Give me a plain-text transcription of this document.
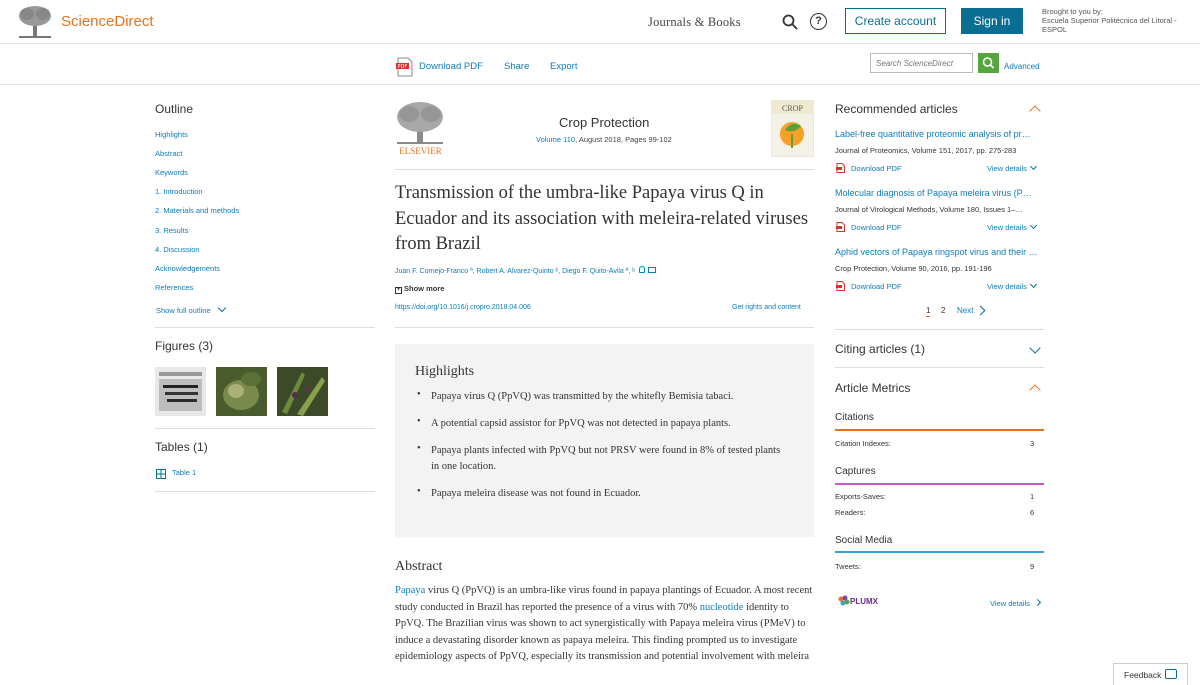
ScienceDirect	Journals & Books	?	Create account	Sign in
Brought to you by:
Escuela Superior Politécnica del Litoral - ESPOL
PDF Download PDF Share Export
Search ScienceDirect	Advanced
Outline
Highlights
Abstract
Keywords
1. Introduction
2. Materials and methods
3. Results
4. Discussion
Acknowledgements
References
Show full outline
Figures (3)
Tables (1)
Table 1
ELSEVIER
Crop Protection
Volume 110, August 2018, Pages 99-102
CROP
Transmission of the umbra-like Papaya virus Q in Ecuador and its association with meleira-related viruses from Brazil
Juan F. Cornejo-Franco ª, Robert A. Alvarez-Quinto ᵇ, Diego F. Quito-Avila ª, ᵇ
+ Show more
https://doi.org/10.1016/j.cropro.2018.04.006	Get rights and content
Highlights
• Papaya virus Q (PpVQ) was transmitted by the whitefly Bemisia tabaci.
• A potential capsid assistor for PpVQ was not detected in papaya plants.
• Papaya plants infected with PpVQ but not PRSV were found in 8% of tested plants in one location.
• Papaya meleira disease was not found in Ecuador.
Abstract
Papaya virus Q (PpVQ) is an umbra-like virus found in papaya plantings of Ecuador. A most recent study conducted in Brazil has reported the presence of a virus with 70% nucleotide identity to PpVQ. The Brazilian virus was shown to act synergistically with Papaya meleira virus (PMeV) to induce a devastating disorder known as papaya meleira. This finding prompted us to investigate epidemiology aspects of PpVQ, especially its transmission and potential involvement with meleira
Recommended articles
Label-free quantitative proteomic analysis of pr…
Journal of Proteomics, Volume 151, 2017, pp. 275-283
Download PDF	View details
Molecular diagnosis of Papaya meleira virus (P…
Journal of Virological Methods, Volume 180, Issues 1–…
Download PDF	View details
Aphid vectors of Papaya ringspot virus and their …
Crop Protection, Volume 90, 2016, pp. 191-196
Download PDF	View details
1 2 Next
Citing articles (1)
Article Metrics
Citations
Citation Indexes:	3
Captures
Exports-Saves:	1
Readers:	6
Social Media
Tweets:	9
PLUMX	View details
Feedback
